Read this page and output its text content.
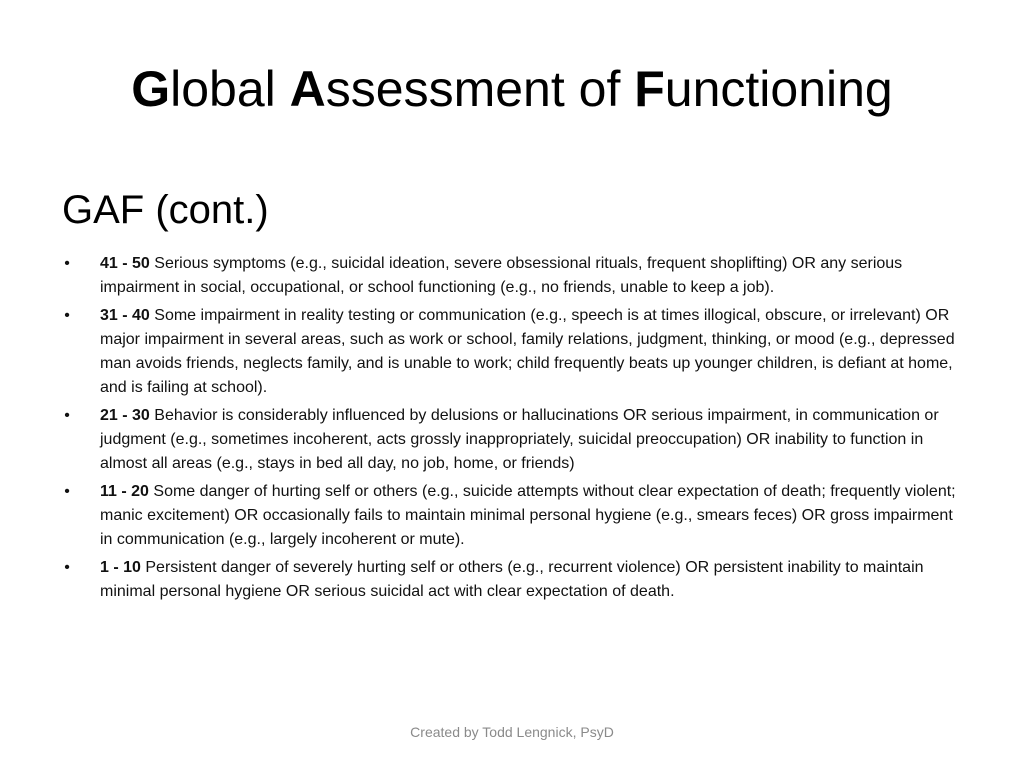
Global Assessment of Functioning
GAF (cont.)
• 41 - 50 Serious symptoms (e.g., suicidal ideation, severe obsessional rituals, frequent shoplifting) OR any serious impairment in social, occupational, or school functioning (e.g., no friends, unable to keep a job).
• 31 - 40 Some impairment in reality testing or communication (e.g., speech is at times illogical, obscure, or irrelevant) OR major impairment in several areas, such as work or school, family relations, judgment, thinking, or mood (e.g., depressed man avoids friends, neglects family, and is unable to work; child frequently beats up younger children, is defiant at home, and is failing at school).
• 21 - 30 Behavior is considerably influenced by delusions or hallucinations OR serious impairment, in communication or judgment (e.g., sometimes incoherent, acts grossly inappropriately, suicidal preoccupation) OR inability to function in almost all areas (e.g., stays in bed all day, no job, home, or friends)
• 11 - 20 Some danger of hurting self or others (e.g., suicide attempts without clear expectation of death; frequently violent; manic excitement) OR occasionally fails to maintain minimal personal hygiene (e.g., smears feces) OR gross impairment in communication (e.g., largely incoherent or mute).
• 1 - 10 Persistent danger of severely hurting self or others (e.g., recurrent violence) OR persistent inability to maintain minimal personal hygiene OR serious suicidal act with clear expectation of death.
Created by Todd Lengnick, PsyD
